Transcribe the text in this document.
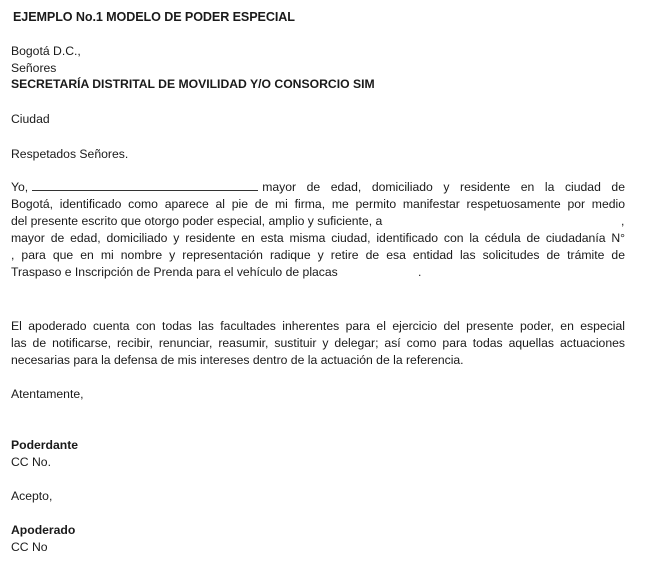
EJEMPLO No.1 MODELO DE PODER ESPECIAL
Bogotá D.C.,
Señores
SECRETARÍA DISTRITAL DE MOVILIDAD Y/O CONSORCIO SIM
Ciudad
Respetados Señores.
Yo,	mayor de edad, domiciliado y residente en la ciudad de
Bogotá, identificado como aparece al pie de mi firma, me permito manifestar respetuosamente por medio
del presente escrito que otorgo poder especial, amplio y suficiente, a	,
mayor de edad, domiciliado y residente en esta misma ciudad, identificado con la cédula de ciudadanía N°
, para que en mi nombre y representación radique y retire de esa entidad las solicitudes de trámite de
Traspaso e Inscripción de Prenda para el vehículo de placas	.
El apoderado cuenta con todas las facultades inherentes para el ejercicio del presente poder, en especial
las de notificarse, recibir, renunciar, reasumir, sustituir y delegar; así como para todas aquellas actuaciones
necesarias para la defensa de mis intereses dentro de la actuación de la referencia.
Atentamente,
Poderdante
CC No.
Acepto,
Apoderado
CC No
